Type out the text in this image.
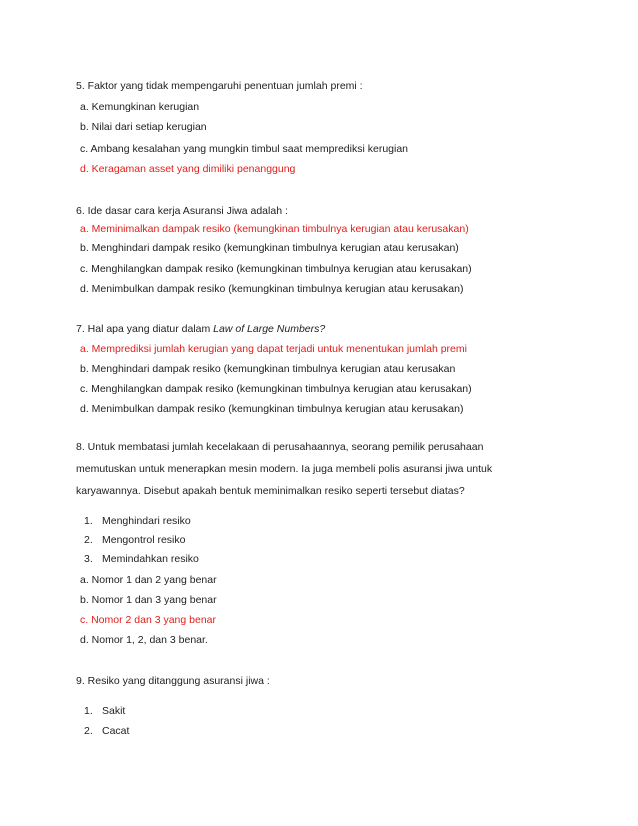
5. Faktor yang tidak mempengaruhi penentuan jumlah premi :
a. Kemungkinan kerugian
b. Nilai dari setiap kerugian
c. Ambang kesalahan yang mungkin timbul saat memprediksi kerugian
d. Keragaman asset yang dimiliki penanggung
6. Ide dasar cara kerja Asuransi Jiwa adalah :
a. Meminimalkan dampak resiko (kemungkinan timbulnya kerugian atau kerusakan)
b. Menghindari dampak resiko (kemungkinan timbulnya kerugian atau kerusakan)
c. Menghilangkan dampak resiko (kemungkinan timbulnya kerugian atau kerusakan)
d. Menimbulkan dampak resiko (kemungkinan timbulnya kerugian atau kerusakan)
7. Hal apa yang diatur dalam Law of Large Numbers?
a. Memprediksi jumlah kerugian yang dapat terjadi untuk menentukan jumlah premi
b. Menghindari dampak resiko (kemungkinan timbulnya kerugian atau kerusakan
c. Menghilangkan dampak resiko (kemungkinan timbulnya kerugian atau kerusakan)
d. Menimbulkan dampak resiko (kemungkinan timbulnya kerugian atau kerusakan)
8. Untuk membatasi jumlah kecelakaan di perusahaannya, seorang pemilik perusahaan
memutuskan untuk menerapkan mesin modern. Ia juga membeli polis asuransi jiwa untuk
karyawannya. Disebut apakah bentuk meminimalkan resiko seperti tersebut diatas?
1. Menghindari resiko
2. Mengontrol resiko
3. Memindahkan resiko
a. Nomor 1 dan 2 yang benar
b. Nomor 1 dan 3 yang benar
c. Nomor 2 dan 3 yang benar
d. Nomor 1, 2, dan 3 benar.
9. Resiko yang ditanggung asuransi jiwa :
1. Sakit
2. Cacat
